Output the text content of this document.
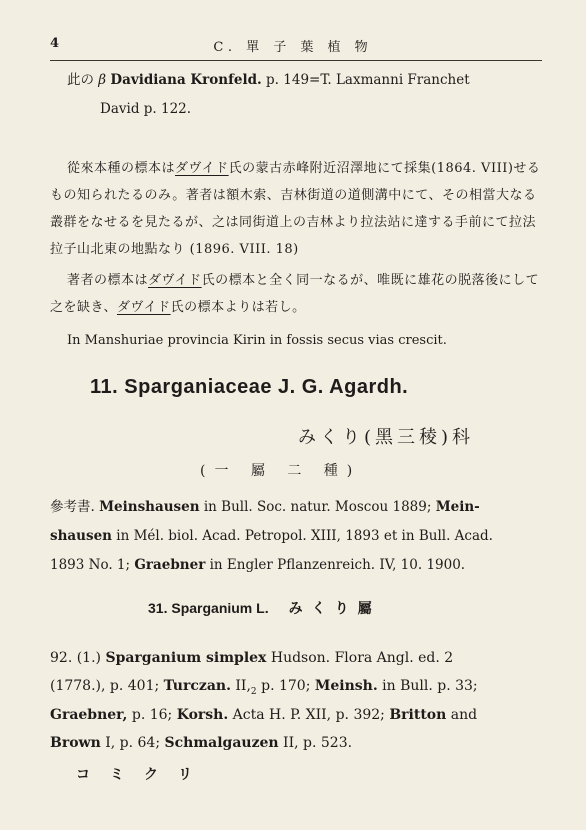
4	C. 單 子 葉 植 物
此の β Davidiana Kronfeld. p. 149=T. Laxmanni Franchet
David p. 122.
從來本種の標本はダヴイド氏の蒙古赤峰附近沼澤地にて採集(1864. VIII)せる
もの知られたるのみ。著者は額木索、吉林街道の道側溝中にて、その相當大なる
叢群をなせるを見たるが、之は同街道上の吉林より拉法站に達する手前にて拉法
拉子山北東の地點なり (1896. VIII. 18)
著者の標本はダヴイド氏の標本と全く同一なるが、唯既に雄花の脱落後にして
之を缺き、ダヴイド氏の標本よりは若し。
In Manshuriae provincia Kirin in fossis secus vias crescit.
11. Sparganiaceae J. G. Agardh.
みくり(黑三稜)科
(一 屬 二 種)
參考書. Meinshausen in Bull. Soc. natur. Moscou 1889; Mein-
shausen in Mél. biol. Acad. Petropol. XIII, 1893 et in Bull. Acad.
1893 No. 1; Graebner in Engler Pflanzenreich. IV, 10. 1900.
31. Sparganium L. みくり屬
92. (1.) Sparganium simplex Hudson. Flora Angl. ed. 2
(1778.), p. 401; Turczan. $II,_2$ p. 170; Meinsh. in Bull. p. 33;
Graebner, p. 16; Korsh. Acta H. P. XII, p. 392; Britton and
Brown I, p. 64; Schmalgauzen II, p. 523.
コミクリ
